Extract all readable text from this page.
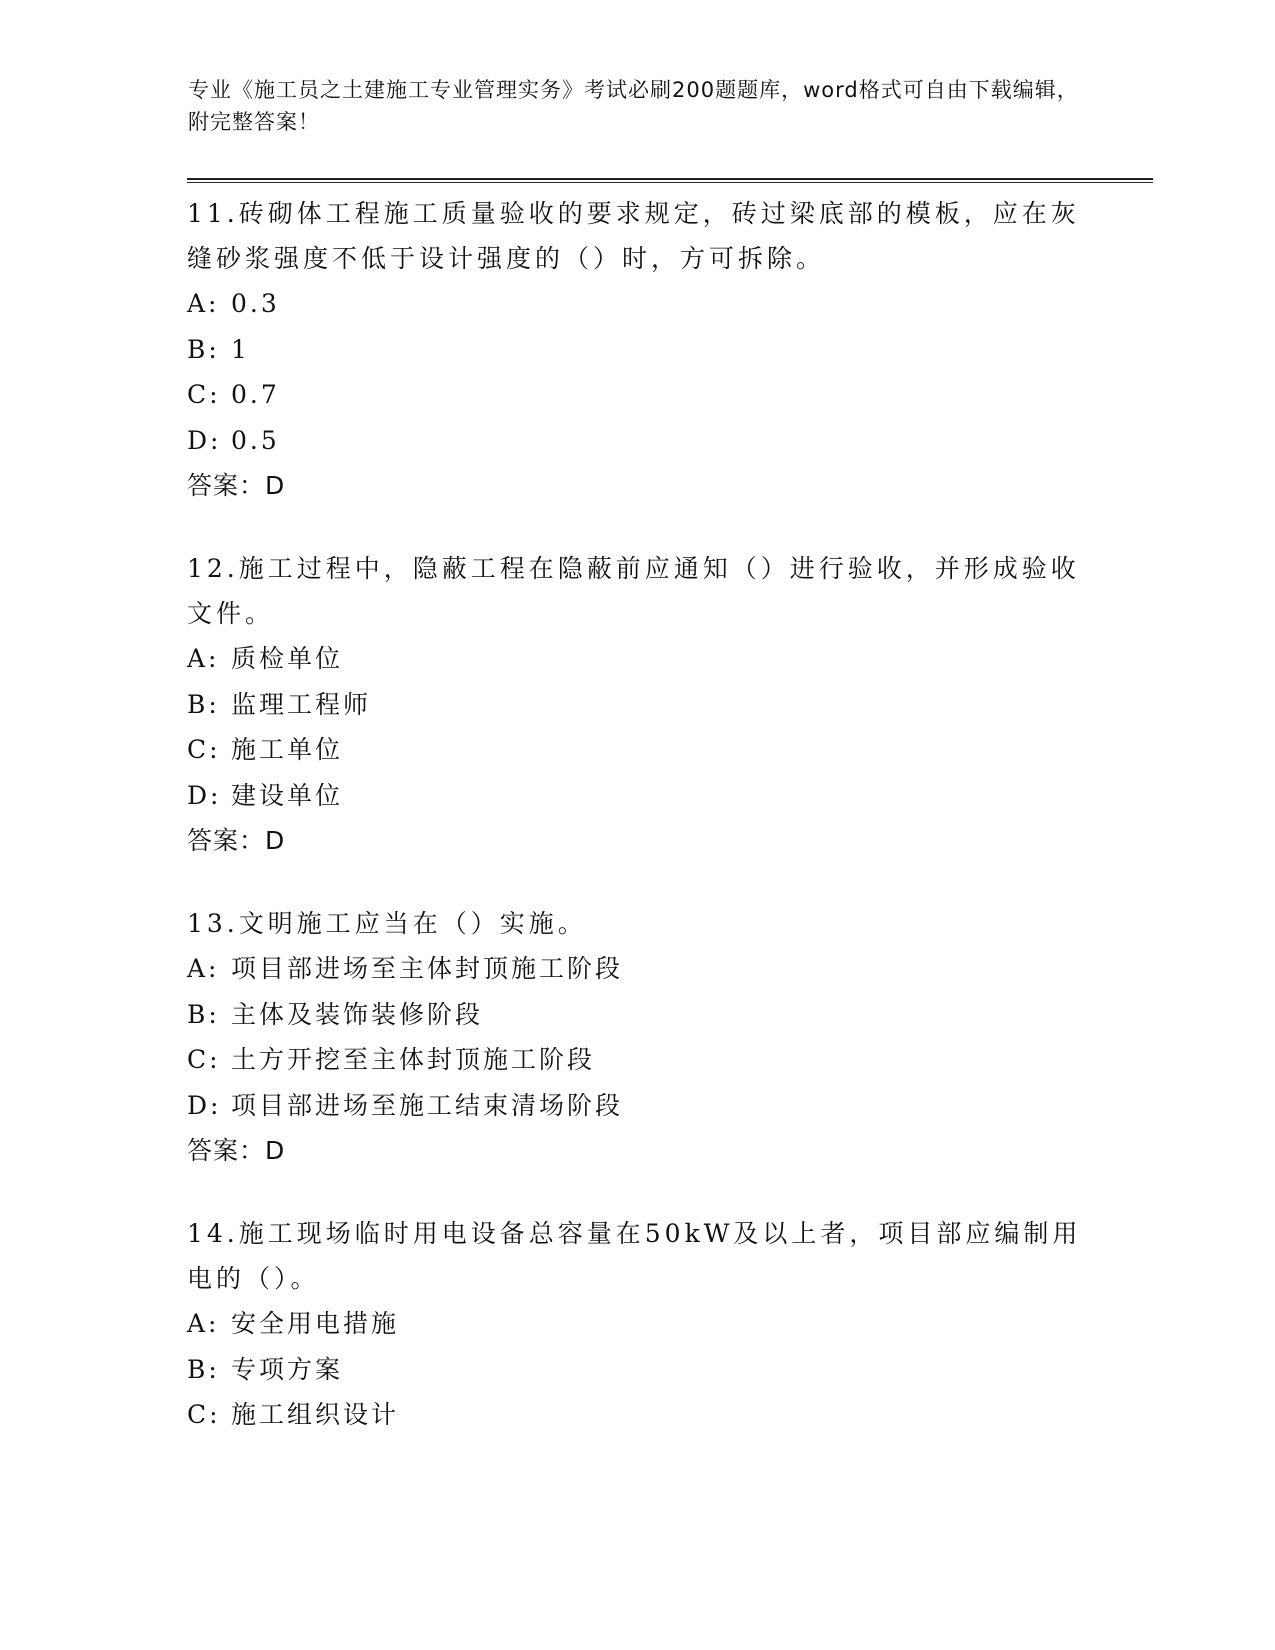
专业《施工员之土建施工专业管理实务》考试必刷200题题库，word格式可自由下载编辑，附完整答案！

11.砖砌体工程施工质量验收的要求规定，砖过梁底部的模板，应在灰缝砂浆强度不低于设计强度的（）时，方可拆除。

A: 0.3

B: 1

C: 0.7

D: 0.5

答案：D

12.施工过程中，隐蔽工程在隐蔽前应通知（）进行验收，并形成验收文件。

A: 质检单位

B: 监理工程师

C: 施工单位

D: 建设单位

答案：D

13.文明施工应当在（）实施。

A: 项目部进场至主体封顶施工阶段

B: 主体及装饰装修阶段

C: 土方开挖至主体封顶施工阶段

D: 项目部进场至施工结束清场阶段

答案：D

14.施工现场临时用电设备总容量在50kW及以上者，项目部应编制用电的（）。

A: 安全用电措施

B: 专项方案

C: 施工组织设计
